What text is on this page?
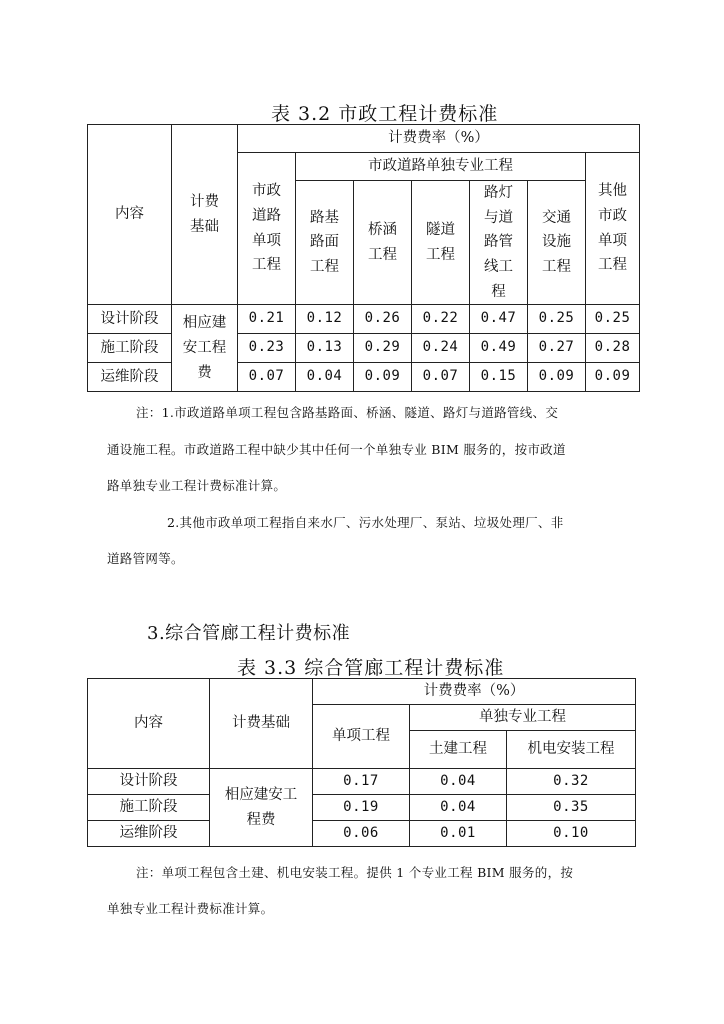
表 3.2 市政工程计费标准
内容	计费基础	计费费率（%）						
		市政道路单项工程	市政道路单独专业工程					其他市政单项工程
			路基路面工程	桥涵工程	隧道工程	路灯与道路管线工程	交通设施工程	
设计阶段	相应建安工程费	0.21	0.12	0.26	0.22	0.47	0.25	0.25
施工阶段		0.23	0.13	0.29	0.24	0.49	0.27	0.28
运维阶段		0.07	0.04	0.09	0.07	0.15	0.09	0.09
注：1.市政道路单项工程包含路基路面、桥涵、隧道、路灯与道路管线、交
通设施工程。市政道路工程中缺少其中任何一个单独专业 BIM 服务的，按市政道
路单独专业工程计费标准计算。
2.其他市政单项工程指自来水厂、污水处理厂、泵站、垃圾处理厂、非
道路管网等。
3.综合管廊工程计费标准
表 3.3 综合管廊工程计费标准
内容	计费基础	计费费率（%）		
		单项工程	单独专业工程	
			土建工程	机电安装工程
设计阶段	相应建安工程费	0.17	0.04	0.32
施工阶段		0.19	0.04	0.35
运维阶段		0.06	0.01	0.10
注：单项工程包含土建、机电安装工程。提供 1 个专业工程 BIM 服务的，按
单独专业工程计费标准计算。
